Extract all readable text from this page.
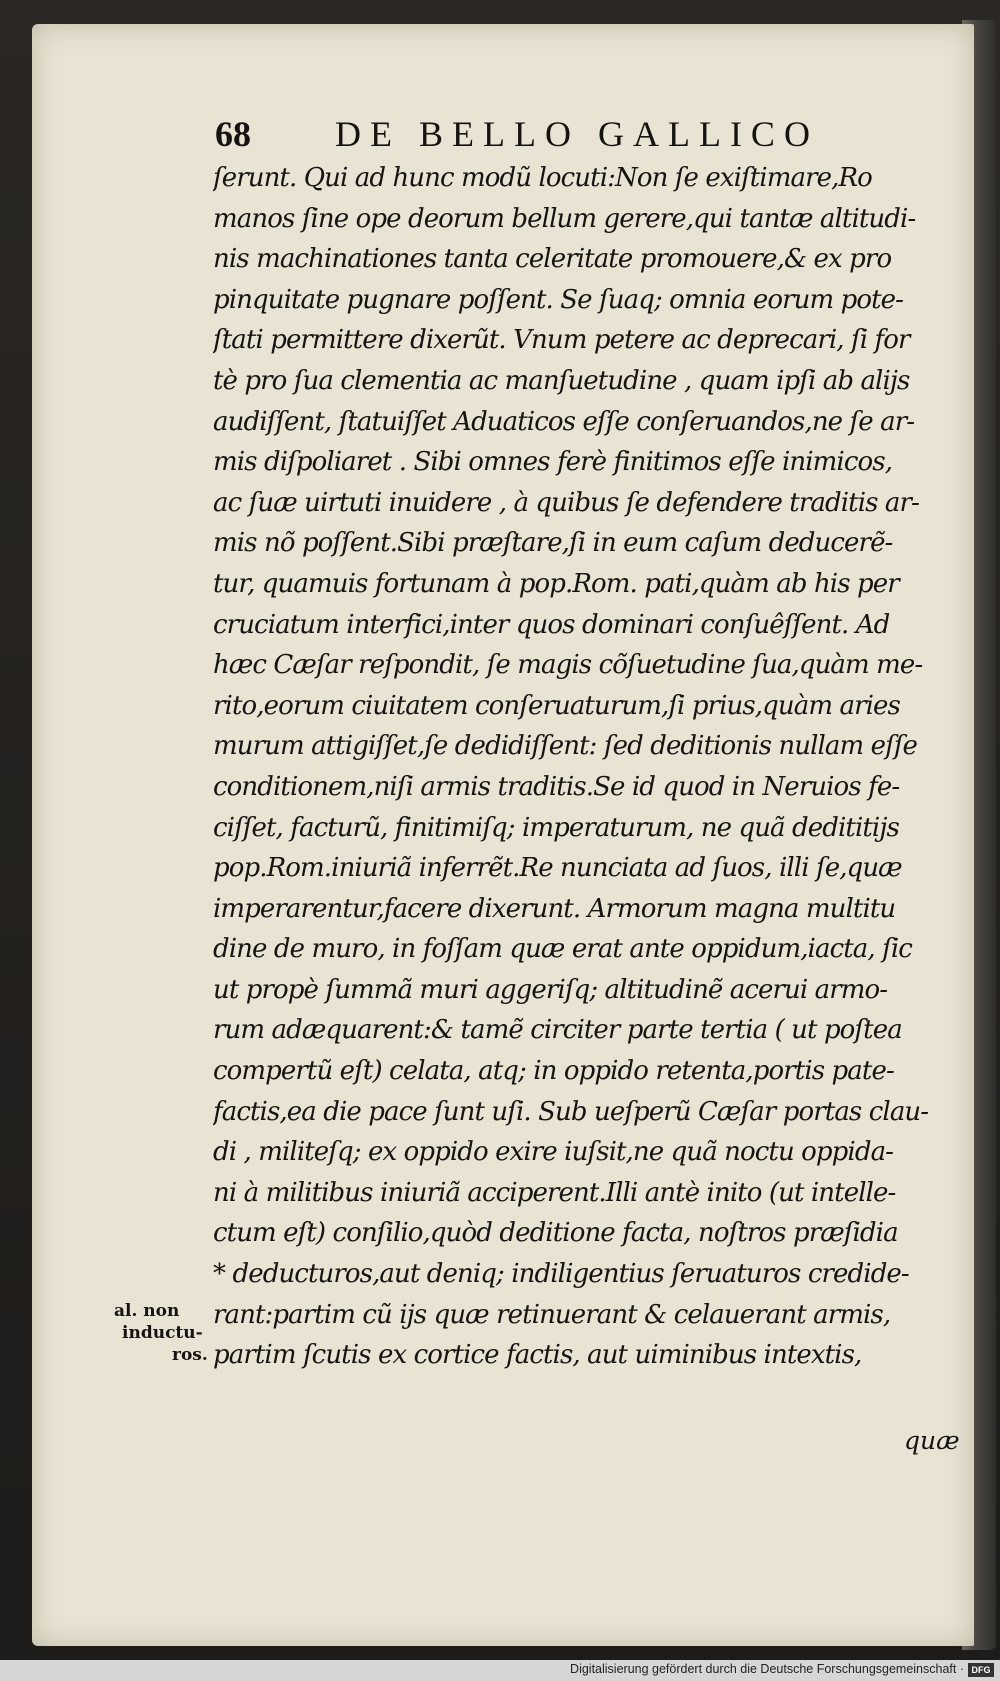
68 DE BELLO GALLICO
ſerunt. Qui ad hunc modũ locuti:Non ſe exiſtimare,Ro
manos ſine ope deorum bellum gerere,qui tantæ altitudi-
nis machinationes tanta celeritate promouere,& ex pro
pinquitate pugnare poſſent. Se ſuaq; omnia eorum pote-
ſtati permittere dixerũt. Vnum petere ac deprecari, ſi for
tè pro ſua clementia ac manſuetudine , quam ipſi ab alijs
audiſſent, ſtatuiſſet Aduaticos eſſe conſeruandos,ne ſe ar-
mis diſpoliaret . Sibi omnes ferè finitimos eſſe inimicos,
ac ſuæ uirtuti inuidere , à quibus ſe defendere traditis ar-
mis nõ poſſent.Sibi præſtare,ſi in eum caſum deducerẽ-
tur, quamuis fortunam à pop.Rom. pati,quàm ab his per
cruciatum interfici,inter quos dominari conſuêſſent. Ad
hæc Cæſar reſpondit, ſe magis cõſuetudine ſua,quàm me-
rito,eorum ciuitatem conſeruaturum,ſi prius,quàm aries
murum attigiſſet,ſe dedidiſſent: ſed deditionis nullam eſſe
conditionem,niſi armis traditis.Se id quod in Neruios fe-
ciſſet, facturũ, finitimiſq; imperaturum, ne quã dedititijs
pop.Rom.iniuriã inferrẽt.Re nunciata ad ſuos, illi ſe,quæ
imperarentur,facere dixerunt. Armorum magna multitu
dine de muro, in foſſam quæ erat ante oppidum,iacta, ſic
ut propè ſummã muri aggeriſq; altitudinẽ acerui armo-
rum adæquarent:& tamẽ circiter parte tertia ( ut poſtea
compertũ eſt) celata, atq; in oppido retenta,portis pate-
factis,ea die pace ſunt uſi. Sub ueſperũ Cæſar portas clau-
di , militeſq; ex oppido exire iuſsit,ne quã noctu oppida-
ni à militibus iniuriã acciperent.Illi antè inito (ut intelle-
ctum eſt) conſilio,quòd deditione facta, noſtros præſidia
* deducturos,aut deniq; indiligentius ſeruaturos credide-
rant:partim cũ ijs quæ retinuerant & celauerant armis,
partim ſcutis ex cortice factis, aut uiminibus intextis,
quæ
al. non
inductu-
ros.
Digitalisierung gefördert durch die Deutsche Forschungsgemeinschaft · DFG
